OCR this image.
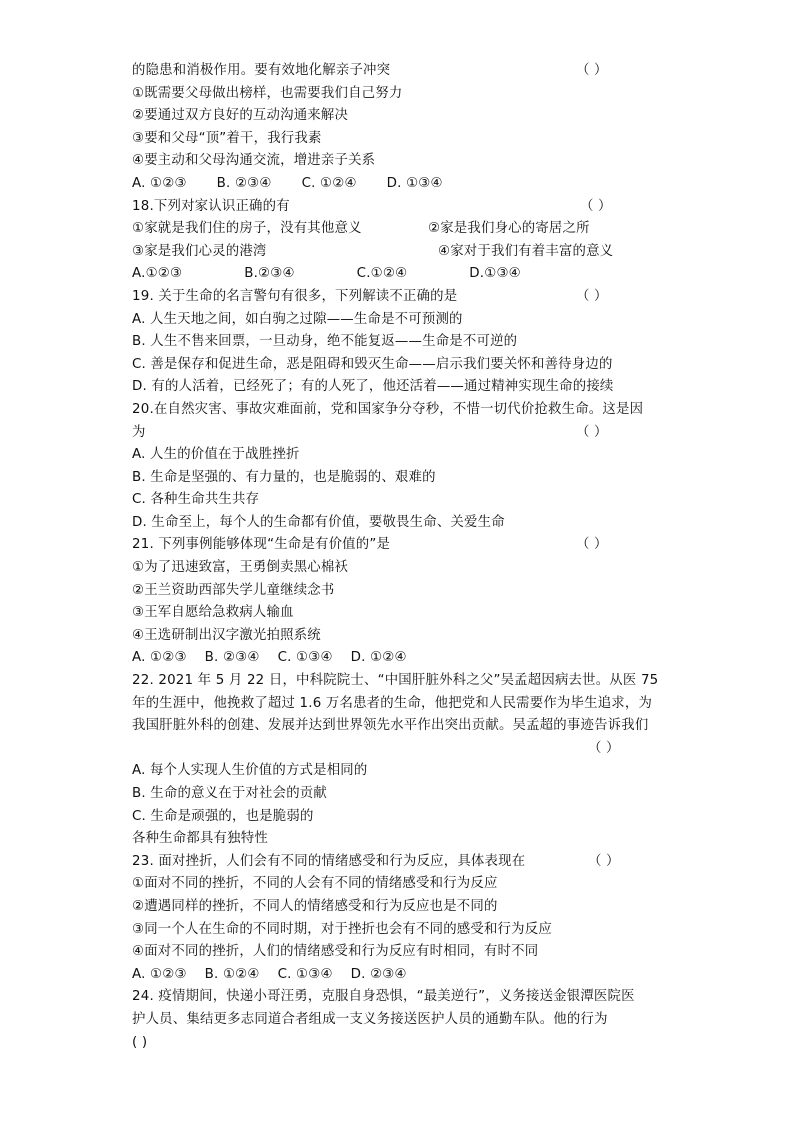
的隐患和消极作用。要有效地化解亲子冲突	（ ）
①既需要父母做出榜样，也需要我们自己努力
②要通过双方良好的互动沟通来解决
③要和父母“顶”着干，我行我素
④要主动和父母沟通交流，增进亲子关系
A. ①②③ B. ②③④ C. ①②④ D. ①③④
18.下列对家认识正确的有	（ ）
①家就是我们住的房子，没有其他意义	②家是我们身心的寄居之所
③家是我们心灵的港湾	④家对于我们有着丰富的意义
A.①②③	B.②③④	C.①②④	D.①③④
19. 关于生命的名言警句有很多，下列解读不正确的是	（ ）
A. 人生天地之间，如白驹之过隙——生命是不可预测的
B. 人生不售来回票，一旦动身，绝不能复返——生命是不可逆的
C. 善是保存和促进生命，恶是阻碍和毁灭生命——启示我们要关怀和善待身边的
D. 有的人活着，已经死了；有的人死了，他还活着——通过精神实现生命的接续
20.在自然灾害、事故灾难面前，党和国家争分夺秒，不惜一切代价抢救生命。这是因
为	（ ）
A. 人生的价值在于战胜挫折
B. 生命是坚强的、有力量的，也是脆弱的、艰难的
C. 各种生命共生共存
D. 生命至上，每个人的生命都有价值，要敬畏生命、关爱生命
21. 下列事例能够体现“生命是有价值的”是	（ ）
①为了迅速致富，王勇倒卖黑心棉袄
②王兰资助西部失学儿童继续念书
③王军自愿给急救病人输血
④王选研制出汉字激光拍照系统
A. ①②③ B. ②③④ C. ①③④ D. ①②④
22. 2021 年 5 月 22 日，中科院院士、“中国肝脏外科之父”吴孟超因病去世。从医 75
年的生涯中，他挽救了超过 1.6 万名患者的生命，他把党和人民需要作为毕生追求，为
我国肝脏外科的创建、发展并达到世界领先水平作出突出贡献。吴孟超的事迹告诉我们
（ ）
A. 每个人实现人生价值的方式是相同的
B. 生命的意义在于对社会的贡献
C. 生命是顽强的，也是脆弱的
各种生命都具有独特性
23. 面对挫折，人们会有不同的情绪感受和行为反应，具体表现在	（ ）
①面对不同的挫折，不同的人会有不同的情绪感受和行为反应
②遭遇同样的挫折，不同人的情绪感受和行为反应也是不同的
③同一个人在生命的不同时期，对于挫折也会有不同的感受和行为反应
④面对不同的挫折，人们的情绪感受和行为反应有时相同，有时不同
A. ①②③ B. ①②④ C. ①③④ D. ②③④
24. 疫情期间，快递小哥汪勇，克服自身恐惧，“最美逆行”，义务接送金银潭医院医
护人员、集结更多志同道合者组成一支义务接送医护人员的通勤车队。他的行为
( )
